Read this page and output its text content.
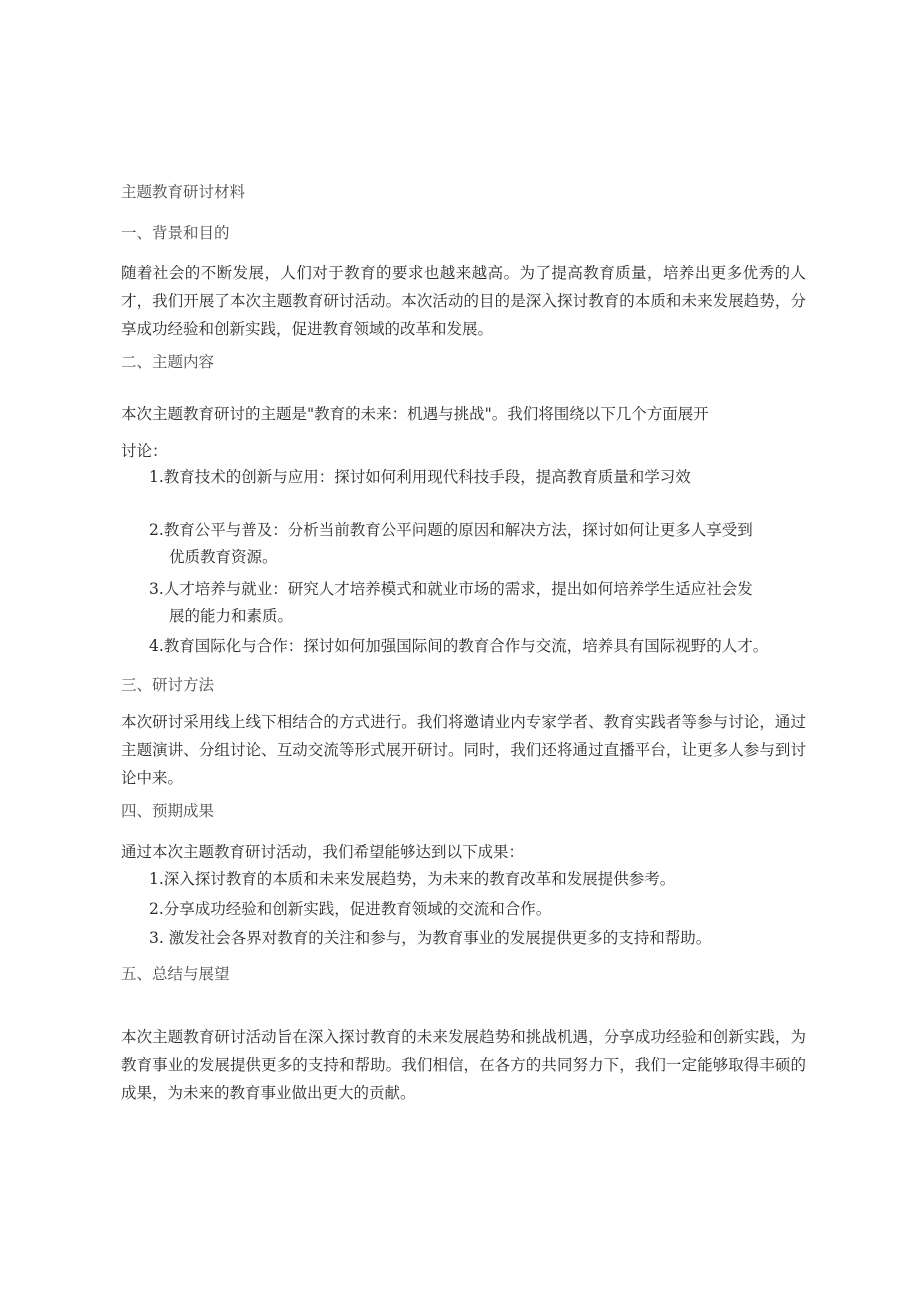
主题教育研讨材料
一、背景和目的
随着社会的不断发展，人们对于教育的要求也越来越高。为了提高教育质量，培养出更多优秀的人才，我们开展了本次主题教育研讨活动。本次活动的目的是深入探讨教育的本质和未来发展趋势，分享成功经验和创新实践，促进教育领域的改革和发展。
二、主题内容
本次主题教育研讨的主题是"教育的未来：机遇与挑战"。我们将围绕以下几个方面展开
讨论：
1.教育技术的创新与应用：探讨如何利用现代科技手段，提高教育质量和学习效
2.教育公平与普及：分析当前教育公平问题的原因和解决方法，探讨如何让更多人享受到
优质教育资源。
3.人才培养与就业：研究人才培养模式和就业市场的需求，提出如何培养学生适应社会发
展的能力和素质。
4.教育国际化与合作：探讨如何加强国际间的教育合作与交流，培养具有国际视野的人才。
三、研讨方法
本次研讨采用线上线下相结合的方式进行。我们将邀请业内专家学者、教育实践者等参与讨论，通过主题演讲、分组讨论、互动交流等形式展开研讨。同时，我们还将通过直播平台，让更多人参与到讨论中来。
四、预期成果
通过本次主题教育研讨活动，我们希望能够达到以下成果：
1.深入探讨教育的本质和未来发展趋势，为未来的教育改革和发展提供参考。
2.分享成功经验和创新实践，促进教育领域的交流和合作。
3. 激发社会各界对教育的关注和参与，为教育事业的发展提供更多的支持和帮助。
五、总结与展望
本次主题教育研讨活动旨在深入探讨教育的未来发展趋势和挑战机遇，分享成功经验和创新实践，为教育事业的发展提供更多的支持和帮助。我们相信，在各方的共同努力下，我们一定能够取得丰硕的成果，为未来的教育事业做出更大的贡献。
